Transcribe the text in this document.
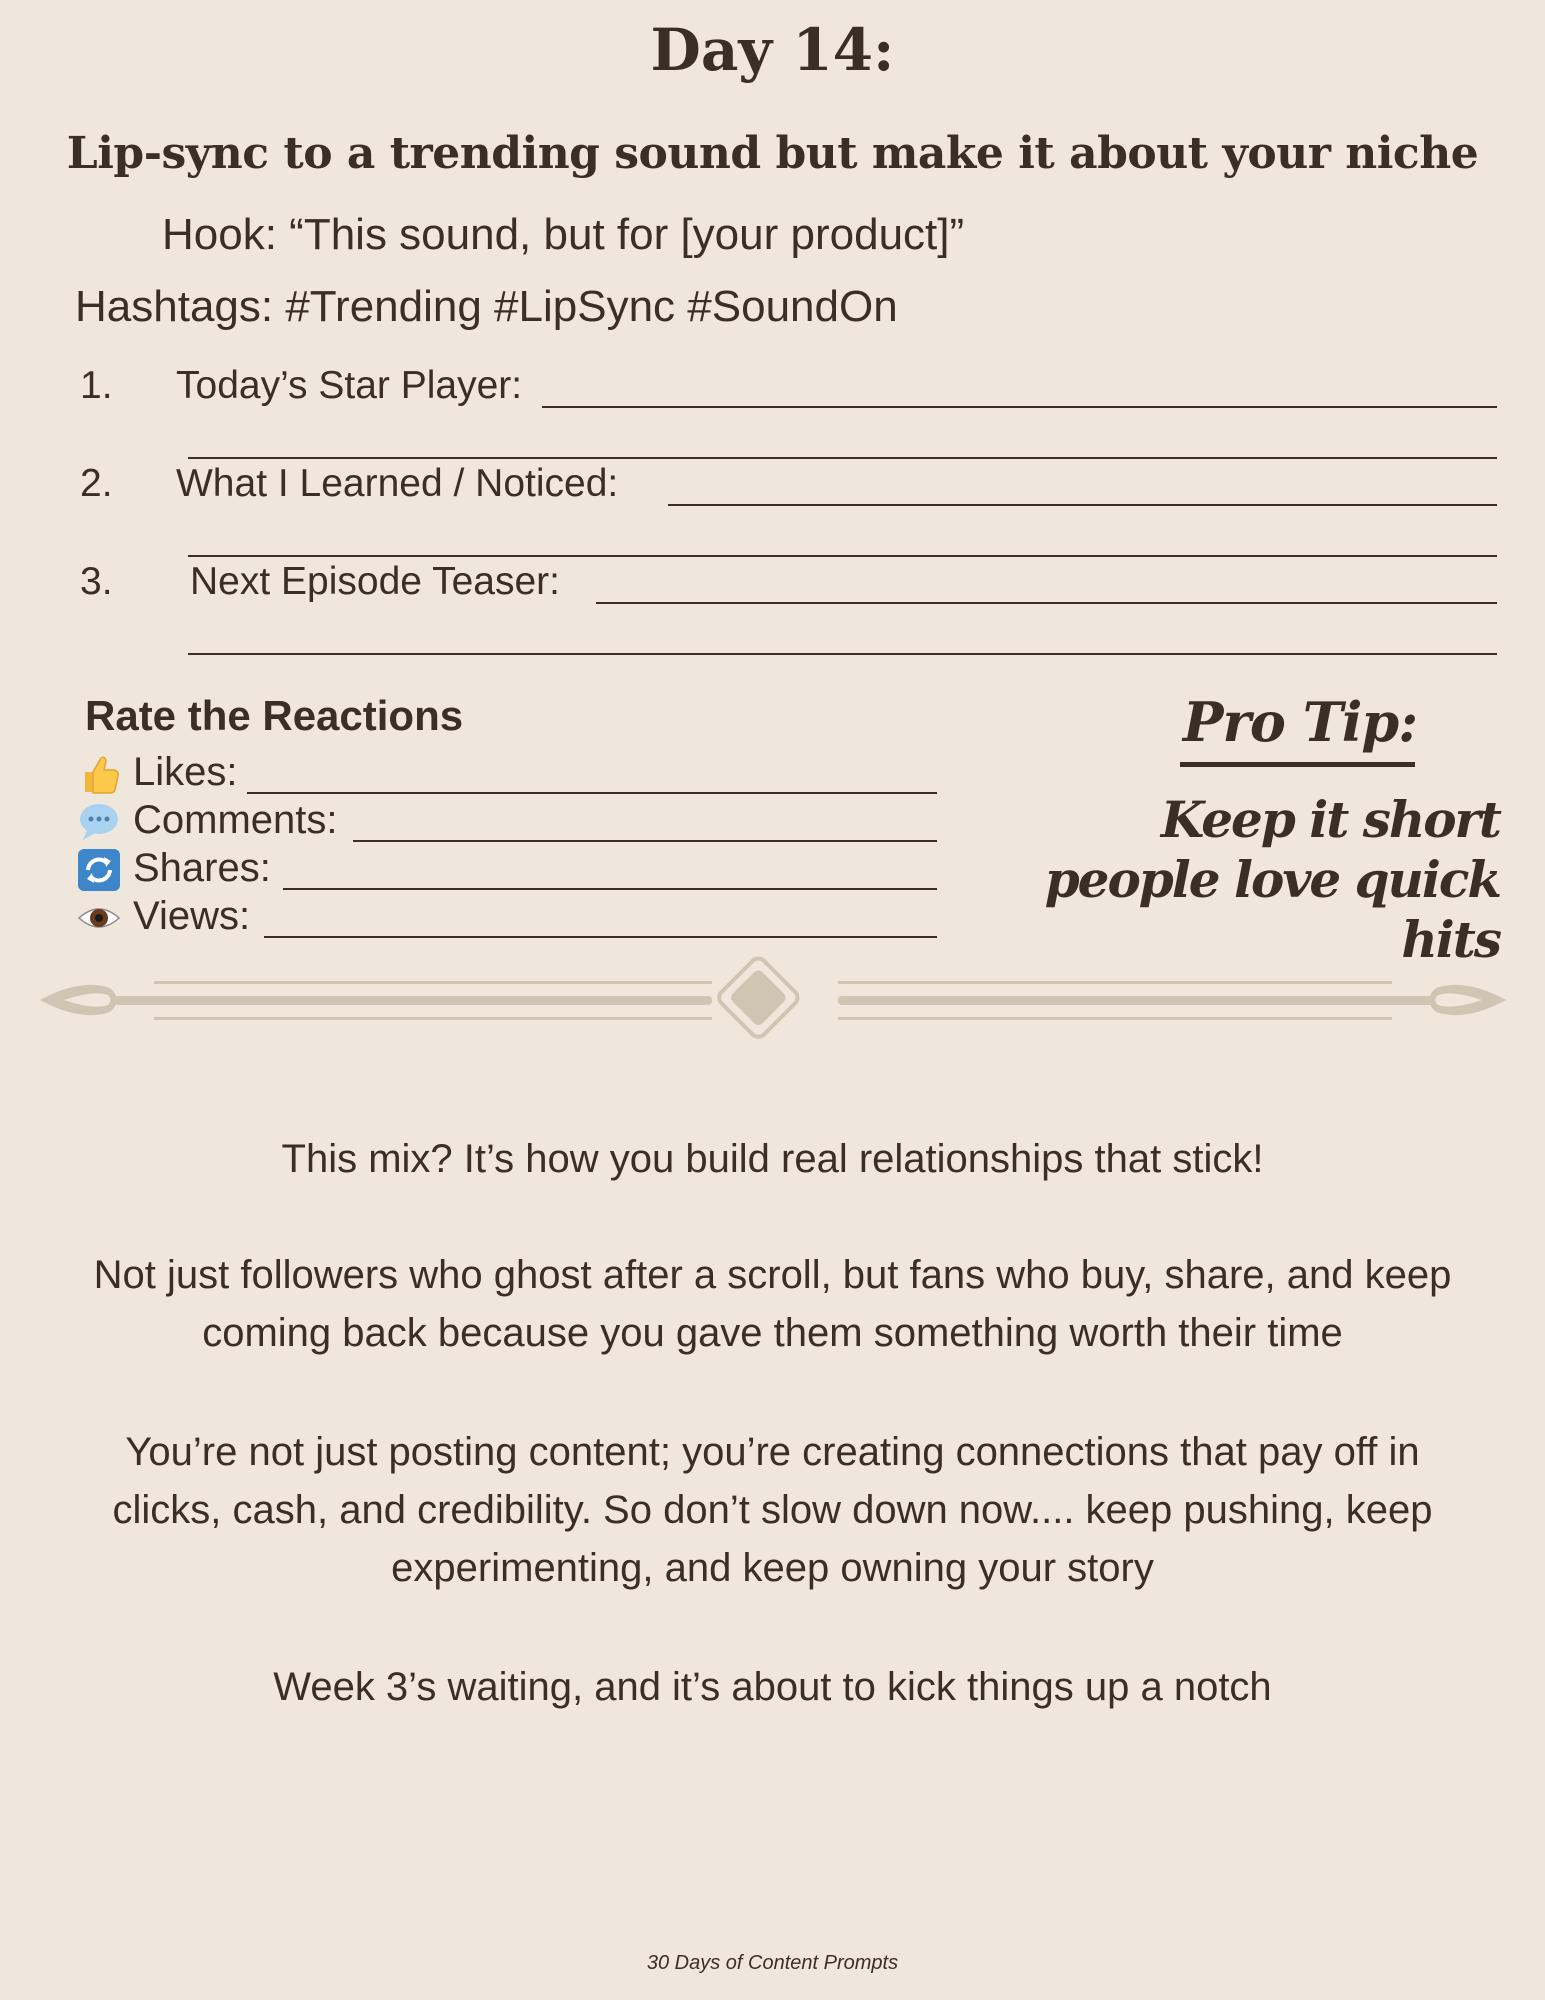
Day 14:
Lip-sync to a trending sound but make it about your niche
Hook: “This sound, but for [your product]”
Hashtags: #Trending #LipSync #SoundOn
1. Today’s Star Player:
2. What I Learned / Noticed:
3. Next Episode Teaser:
Rate the Reactions
Likes:
Comments:
Shares:
Views:
Pro Tip:
Keep it short
people love quick hits
This mix? It’s how you build real relationships that stick!
Not just followers who ghost after a scroll, but fans who buy, share, and keep coming back because you gave them something worth their time
You’re not just posting content; you’re creating connections that pay off in clicks, cash, and credibility. So don’t slow down now.... keep pushing, keep experimenting, and keep owning your story
Week 3’s waiting, and it’s about to kick things up a notch
30 Days of Content Prompts
